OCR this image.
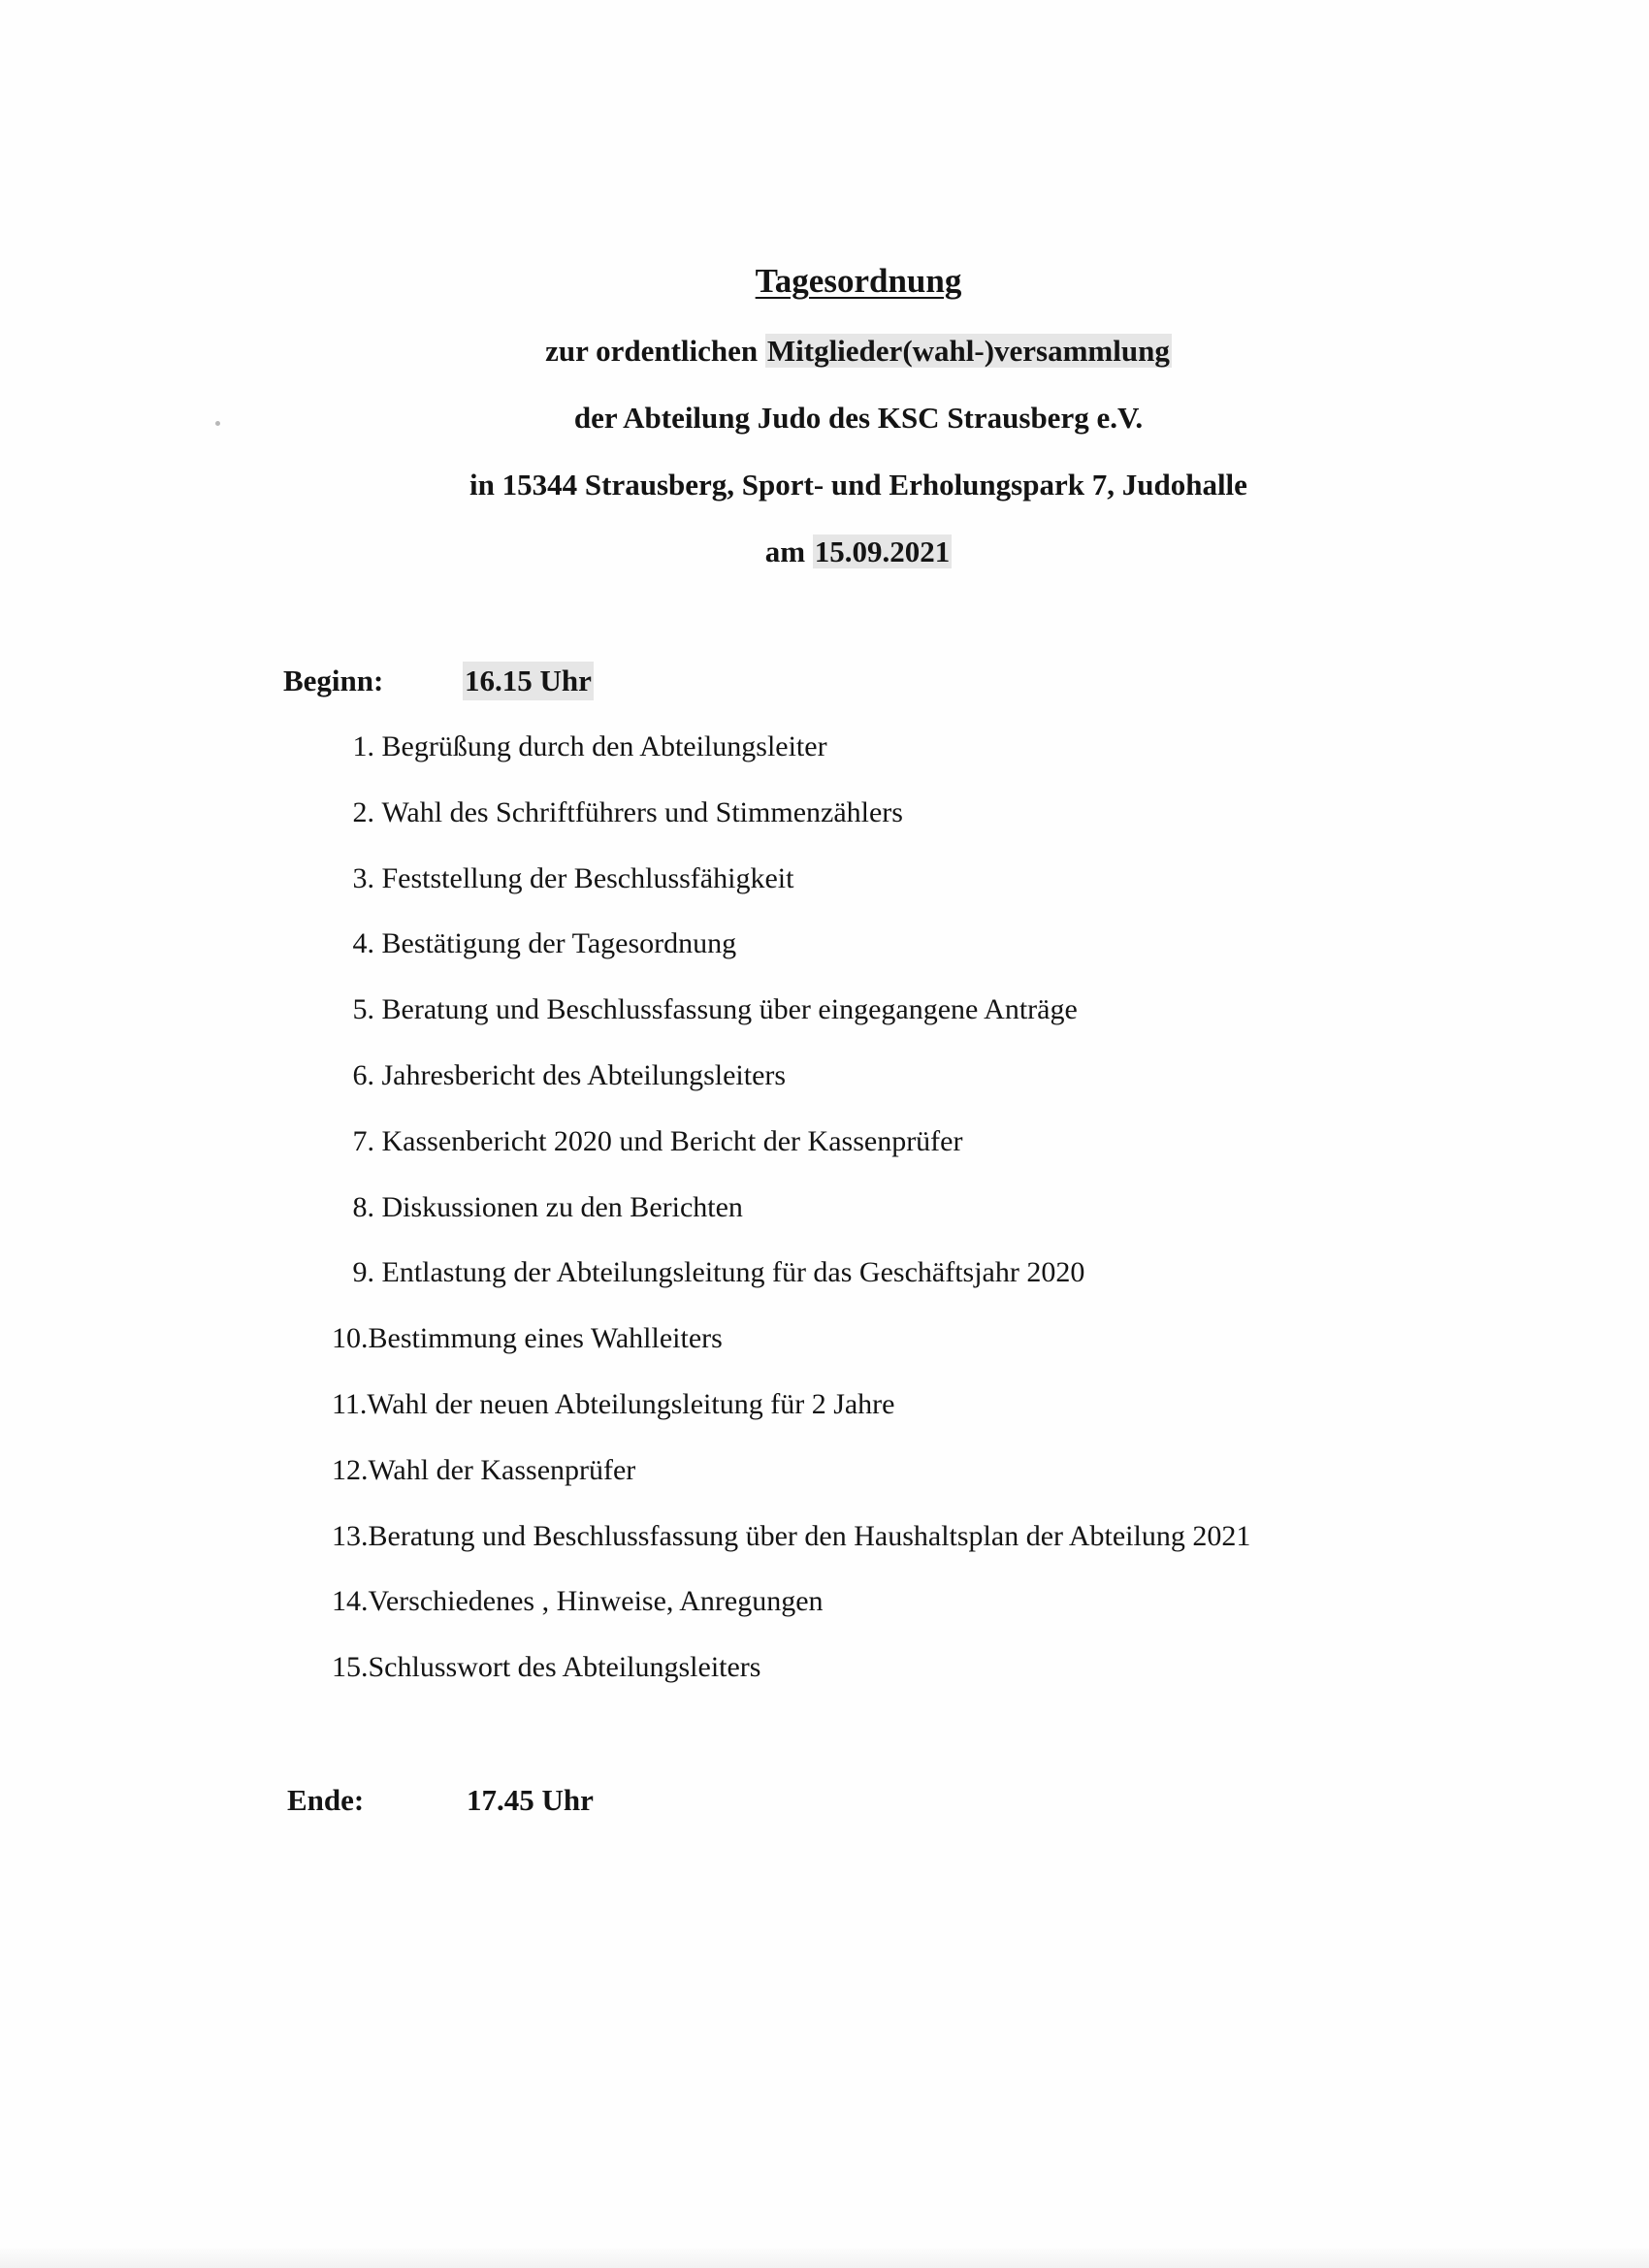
Tagesordnung
zur ordentlichen Mitglieder(wahl-)versammlung
der Abteilung Judo des KSC Strausberg e.V.
in 15344 Strausberg, Sport- und Erholungspark 7, Judohalle
am 15.09.2021
Beginn:	16.15 Uhr
1. Begrüßung durch den Abteilungsleiter
2. Wahl des Schriftführers und Stimmenzählers
3. Feststellung der Beschlussfähigkeit
4. Bestätigung der Tagesordnung
5. Beratung und Beschlussfassung über eingegangene Anträge
6. Jahresbericht des Abteilungsleiters
7. Kassenbericht 2020 und Bericht der Kassenprüfer
8. Diskussionen zu den Berichten
9. Entlastung der Abteilungsleitung für das Geschäftsjahr 2020
10.Bestimmung eines Wahlleiters
11.Wahl der neuen Abteilungsleitung für 2 Jahre
12.Wahl der Kassenprüfer
13.Beratung und Beschlussfassung über den Haushaltsplan der Abteilung 2021
14.Verschiedenes , Hinweise, Anregungen
15.Schlusswort des Abteilungsleiters
Ende:	17.45 Uhr
